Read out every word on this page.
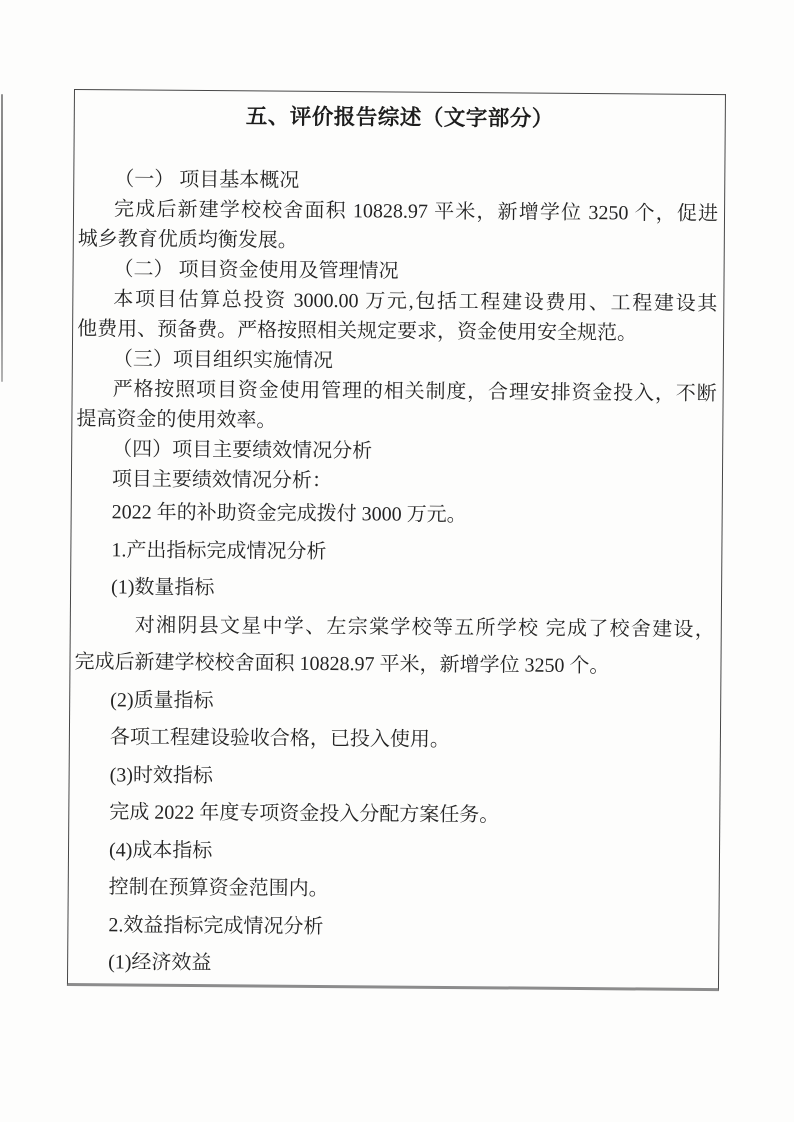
五、评价报告综述（文字部分）

（一） 项目基本概况

完成后新建学校校舍面积 10828.97 平米，新增学位 3250 个，促进

城乡教育优质均衡发展。

（二） 项目资金使用及管理情况

本项目估算总投资 3000.00 万元,包括工程建设费用、工程建设其

他费用、预备费。严格按照相关规定要求，资金使用安全规范。

（三）项目组织实施情况

严格按照项目资金使用管理的相关制度，合理安排资金投入，不断

提高资金的使用效率。

（四）项目主要绩效情况分析

项目主要绩效情况分析：

2022 年的补助资金完成拨付 3000 万元。

1.产出指标完成情况分析

(1)数量指标

对湘阴县文星中学、左宗棠学校等五所学校 完成了校舍建设，

完成后新建学校校舍面积 10828.97 平米，新增学位 3250 个。

(2)质量指标

各项工程建设验收合格，已投入使用。

(3)时效指标

完成 2022 年度专项资金投入分配方案任务。

(4)成本指标

控制在预算资金范围内。

2.效益指标完成情况分析

(1)经济效益
